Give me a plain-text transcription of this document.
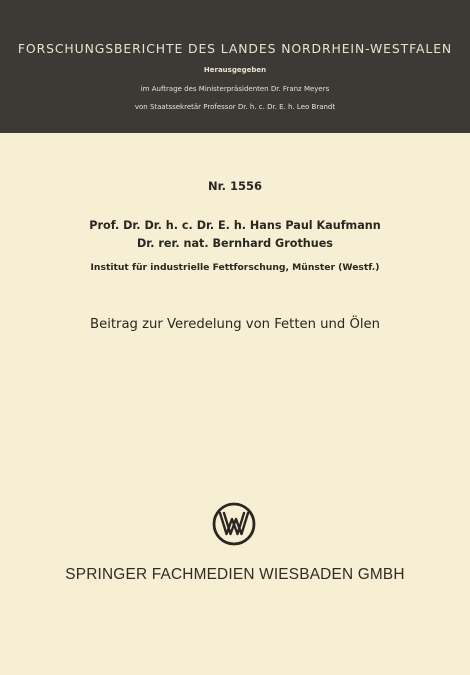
FORSCHUNGSBERICHTE DES LANDES NORDRHEIN-WESTFALEN
Herausgegeben
im Auftrage des Ministerpräsidenten Dr. Franz Meyers
von Staatssekretär Professor Dr. h. c. Dr. E. h. Leo Brandt
Nr. 1556
Prof. Dr. Dr. h. c. Dr. E. h. Hans Paul Kaufmann
Dr. rer. nat. Bernhard Grothues
Institut für industrielle Fettforschung, Münster (Westf.)
Beitrag zur Veredelung von Fetten und Ölen
SPRINGER FACHMEDIEN WIESBADEN GMBH
